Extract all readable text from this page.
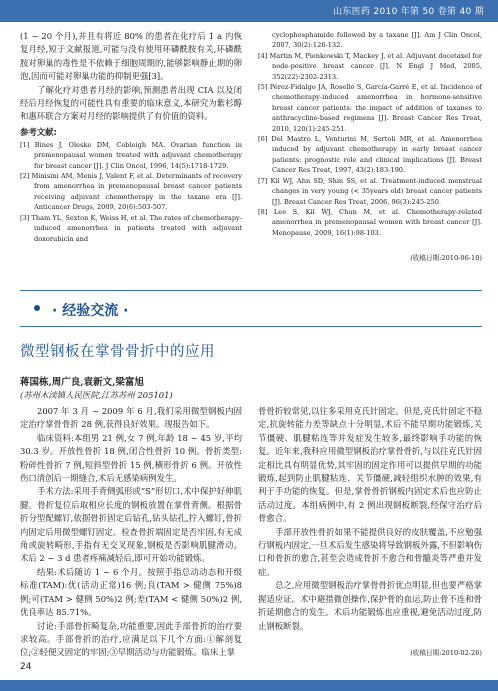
山东医药 2010 年第 50 卷第 40 期

(1 ~ 20 个月),并且有将近 80% 的患者在化疗后 1 a 内恢复月经,短于文献报道,可能与没有使用环磷酰胺有关,环磷酰胺对卵巢的毒性是不依赖于细胞周期的,能够影响静止期的卵泡,因而可能对卵巢功能的抑制更强[3]。

了解化疗对患者月经的影响,预测患者出现 CIA 以及闭经后月经恢复的可能性具有重要的临床意义,本研究为紫杉醇和惠环联合方案对月经的影响提供了有价值的资料。

参考文献:

[1] Bines J, Oleske DM, Cobleigh MA. Ovarian function in premenopausal women treated with adjuvant chemotherapy for breast cancer [J]. J Clin Oncol, 1996, 14(5):1718-1729.

[2] Minisini AM, Menis J, Valent F, et al. Determinants of recovery from amenorrhea in premenopausal breast cancer patients receiving adjuvant chemotherapy in the taxane era [J]. Anticancer Drugs, 2009, 20(6):503-507.

[3] Tham YL, Sexton K, Weiss H, et al. The rates of chemotherapy-induced amenorrhea in patients treated with adjuvant doxorubicin and

cyclophosphamide followed by a taxane [J]. Am J Clin Oncol, 2007, 30(2):126-132.

[4] Martin M, Pienkowski T, Mackey J, et al. Adjuvant docetaxel for node-positive breast cancer [J]. N Engl J Med, 2005, 352(22):2302-2313.

[5] Pérez-Fidalgo JA, Roselló S, García-Garré E, et al. Incidence of chemotherapy-induced amenorrhea in hormone-sensitive breast cancer patients: the impact of addition of taxanes to anthracycline-based regimens [J]. Breast Cancer Res Treat, 2010, 120(1):245-251.

[6] Del Mastro L, Venturini M, Sertoli MR, et al. Amenorrhea induced by adjuvant chemotherapy in early breast cancer patients: prognostic role and clinical implications [J]. Breast Cancer Res Treat, 1997, 43(2):183-190.

[7] Kil WJ, Ahn SD, Shin SS, et al. Treatment-induced menstrual changes in very young (< 35years old) breast cancer patients [J]. Breast Cancer Res Treat, 2006, 96(3):245-250.

[8] Lee S, Kil WJ, Chun M, et al. Chemotherapy-related amenorrhea in premenopausal women with breast cancer [J]. Menopause, 2009, 16(1):98-103.

(收稿日期:2010-06-10)
· 经验交流 ·
微型钢板在掌骨骨折中的应用
蒋国栋,周广良,袁新文,梁富旭
(苏州木渎镇人民医院,江苏苏州 205101)

2007 年 3 月 ~ 2009 年 6 月,我们采用微型钢板内固定治疗掌骨骨折 28 例,获得良好效果。现报告如下。

临床资料:本组男 21 例,女 7 例,年龄 18 ~ 45 岁,平均 30.3 岁。开放性骨折 18 例,闭合性骨折 10 例。骨折类型:粉碎性骨折 7 例,短斜型骨折 15 例,横形骨折 6 例。开放性伤口清创后一期缝合,术后无感染病例发生。

手术方法:采用手背侧弧形或“S”形切口,术中保护好伸肌腱。骨折复位后取相应长度的钢板放置在掌骨背侧。根据骨折分型配螺钉,依据骨折固定后钻孔,钻头钻孔,拧入螺钉,骨折内固定后用微型螺钉固定。检查骨折端固定是否牢固,有无成角或旋转畸形,手指有无交叉现象,钢板是否影响肌腱滑动。术后 2 ~ 3 d 患者疼痛减轻后,即可开始功能锻炼。

结果:术后随访 1 ~ 6 个月。按照手指总动动态和开级标准(TAM):优(活动正常)16 例;良(TAM > 健侧 75%)8 例;可(TAM > 健侧 50%)2 例;差(TAM < 健侧 50%)2 例,优良率达 85.71%。

讨论:手部骨折畸复杂,功能重要,因此手部骨折的治疗要求较高。手部骨折的治疗,应满足以下几个方面:①解剖复位;②轻便又固定的牢固;③早期活动与功能锻炼。临床上掌

骨骨折较常见,以往多采用克氏针固定。但是,克氏针固定不稳定,抗旋转能力差等缺点十分明显,术后不能早期功能锻炼,关节僵硬、肌腱粘连等并发症发生较多,最终影响手功能的恢复。近年来,我科应用微型钢板治疗掌骨骨折,与以往克氏针固定相比具有明显优势,其牢固的固定作用可以提供早期的功能锻炼,起到防止肌腱粘连、关节僵硬,减轻组织水肿的效果,有利于手功能的恢复。但是,掌骨骨折钢板内固定术后也应防止活动过度。本组病例中,有 2 例出现钢板断裂,经保守治疗后骨愈合。

手部开放性骨折如果不能提供良好的皮肤覆盖,不应勉强行钢板内固定,一旦术后发生感染将导致钢板外露,不但影响伤口和骨折的愈合,甚至会造成骨折不愈合和骨髓炎等严重并发症。

总之,应用微型钢板治疗掌骨骨折优点明显,但也要严格掌握适应证。术中避措微创操作,保护骨的血运,防止骨不连和骨折延期愈合的发生。术后功能锻炼也应重视,避免活动过度,防止钢板断裂。

(收稿日期:2010-02-26)
24
